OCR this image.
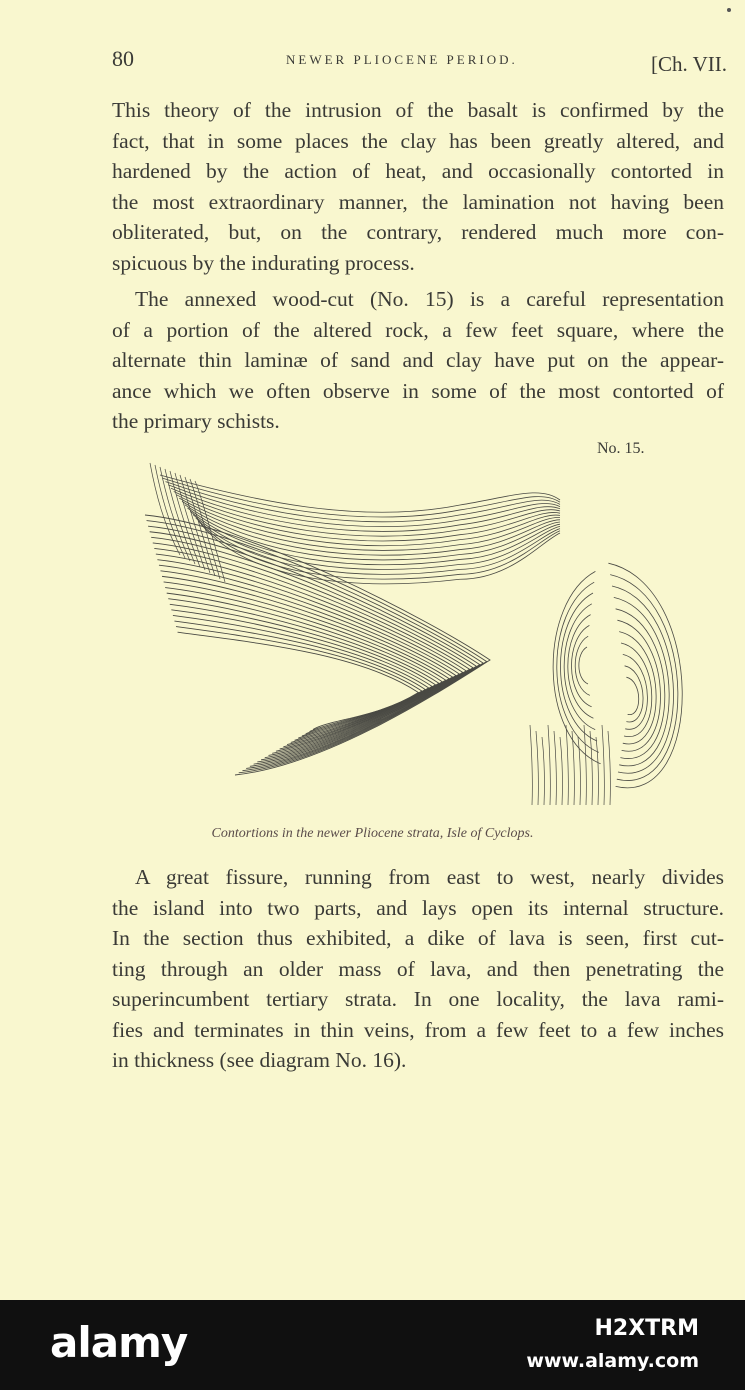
80	NEWER PLIOCENE PERIOD.	[Ch. VII.
This theory of the intrusion of the basalt is confirmed by the
fact, that in some places the clay has been greatly altered, and
hardened by the action of heat, and occasionally contorted in
the most extraordinary manner, the lamination not having been
obliterated, but, on the contrary, rendered much more con-
spicuous by the indurating process.
The annexed wood-cut (No. 15) is a careful representation
of a portion of the altered rock, a few feet square, where the
alternate thin laminæ of sand and clay have put on the appear-
ance which we often observe in some of the most contorted of
the primary schists.
No. 15.
Contortions in the newer Pliocene strata, Isle of Cyclops.
A great fissure, running from east to west, nearly divides
the island into two parts, and lays open its internal structure.
In the section thus exhibited, a dike of lava is seen, first cut-
ting through an older mass of lava, and then penetrating the
superincumbent tertiary strata. In one locality, the lava rami-
fies and terminates in thin veins, from a few feet to a few inches
in thickness (see diagram No. 16).
alamy	H2XTRM
www.alamy.com
